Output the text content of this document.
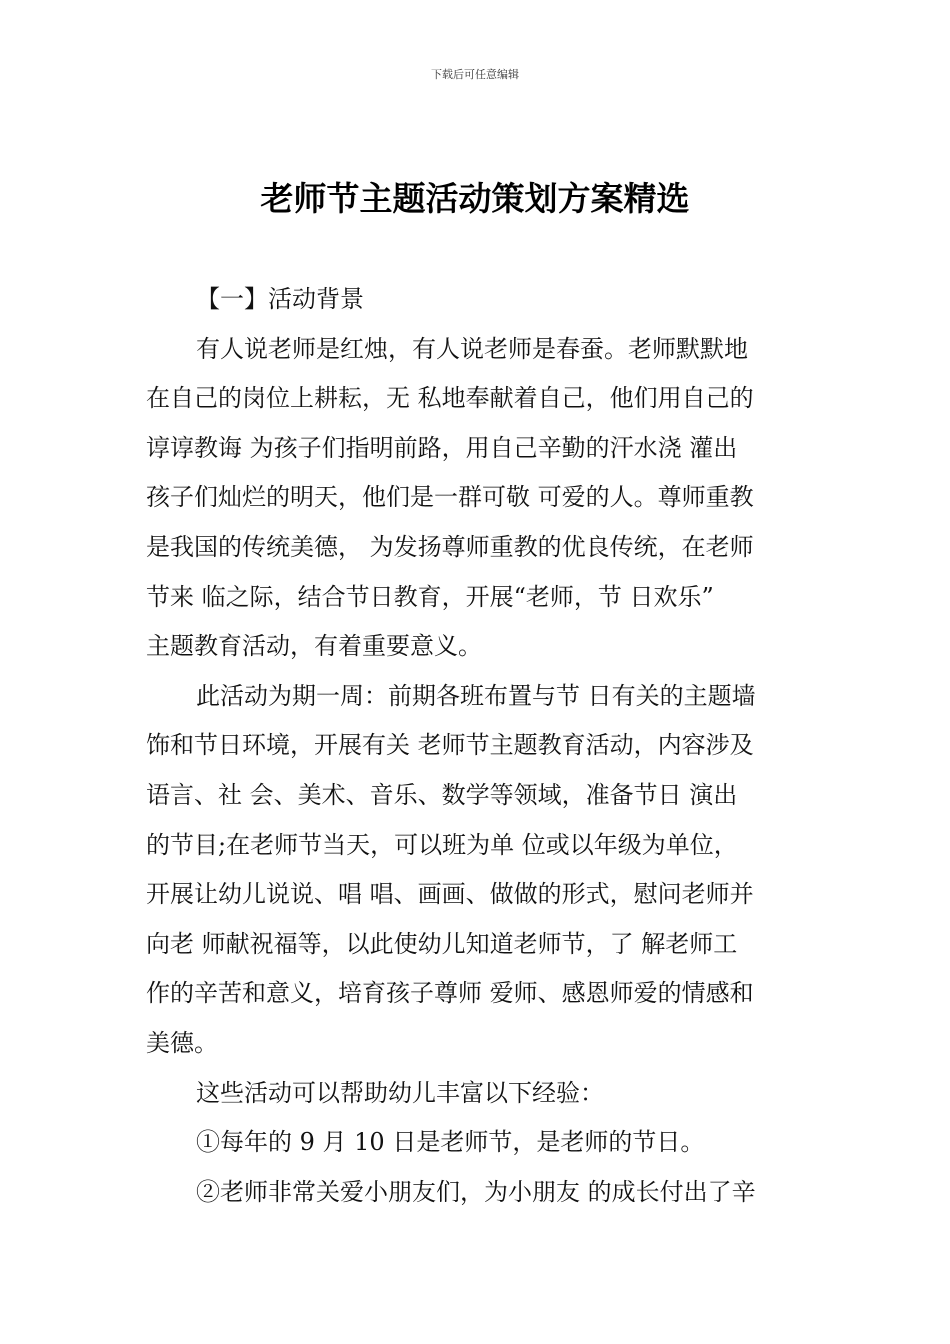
下载后可任意编辑
老师节主题活动策划方案精选
【一】活动背景
有人说老师是红烛，有人说老师是春蚕。老师默默地
在自己的岗位上耕耘，无 私地奉献着自己，他们用自己的
谆谆教诲 为孩子们指明前路，用自己辛勤的汗水浇 灌出
孩子们灿烂的明天，他们是一群可敬 可爱的人。尊师重教
是我国的传统美德， 为发扬尊师重教的优良传统，在老师
节来 临之际，结合节日教育，开展“老师，节 日欢乐”
主题教育活动，有着重要意义。
此活动为期一周：前期各班布置与节 日有关的主题墙
饰和节日环境，开展有关 老师节主题教育活动，内容涉及
语言、社 会、美术、音乐、数学等领域，准备节日 演出
的节目;在老师节当天，可以班为单 位或以年级为单位，
开展让幼儿说说、唱 唱、画画、做做的形式，慰问老师并
向老 师献祝福等，以此使幼儿知道老师节，了 解老师工
作的辛苦和意义，培育孩子尊师 爱师、感恩师爱的情感和
美德。
这些活动可以帮助幼儿丰富以下经验：
①每年的 9 月 10 日是老师节，是老师的节日。
②老师非常关爱小朋友们，为小朋友 的成长付出了辛
